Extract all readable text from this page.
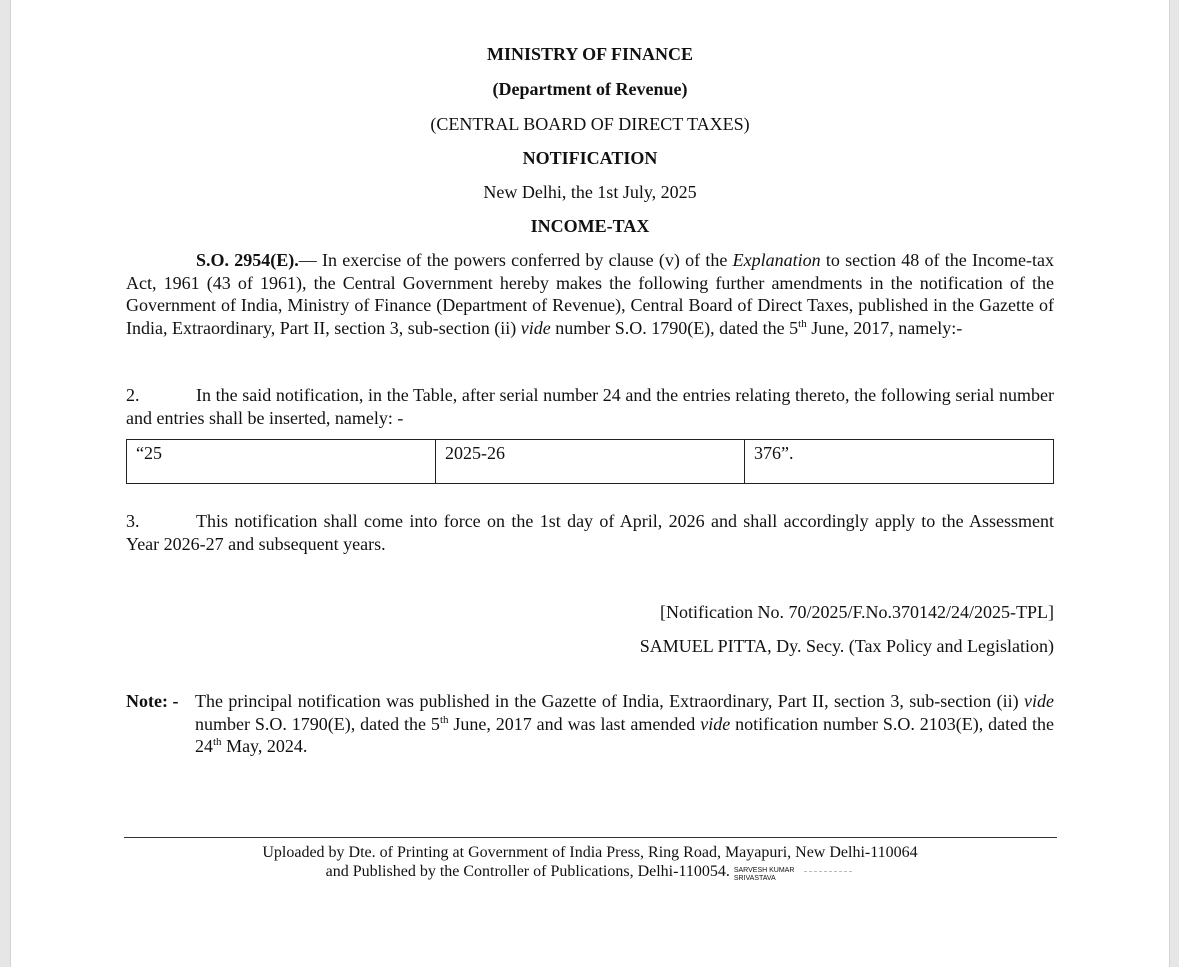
MINISTRY OF FINANCE
(Department of Revenue)
(CENTRAL BOARD OF DIRECT TAXES)
NOTIFICATION
New Delhi, the 1st July, 2025
INCOME-TAX
S.O. 2954(E).— In exercise of the powers conferred by clause (v) of the Explanation to section 48 of the Income-tax Act, 1961 (43 of 1961), the Central Government hereby makes the following further amendments in the notification of the Government of India, Ministry of Finance (Department of Revenue), Central Board of Direct Taxes, published in the Gazette of India, Extraordinary, Part II, section 3, sub-section (ii) vide number S.O. 1790(E), dated the 5th June, 2017, namely:-
2.	In the said notification, in the Table, after serial number 24 and the entries relating thereto, the following serial number and entries shall be inserted, namely: -
“25	2025-26	376”.
3.	This notification shall come into force on the 1st day of April, 2026 and shall accordingly apply to the Assessment Year 2026-27 and subsequent years.
[Notification No. 70/2025/F.No.370142/24/2025-TPL]
SAMUEL PITTA, Dy. Secy. (Tax Policy and Legislation)
Note: - The principal notification was published in the Gazette of India, Extraordinary, Part II, section 3, sub-section (ii) vide number S.O. 1790(E), dated the 5th June, 2017 and was last amended vide notification number S.O. 2103(E), dated the 24th May, 2024.
Uploaded by Dte. of Printing at Government of India Press, Ring Road, Mayapuri, New Delhi-110064
and Published by the Controller of Publications, Delhi-110054. SARVESH KUMAR
SRIVASTAVA
